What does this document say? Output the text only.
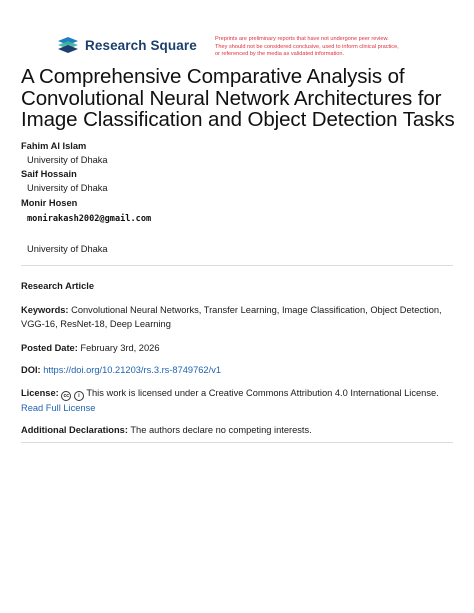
Research Square	Preprints are preliminary reports that have not undergone peer review.
They should not be considered conclusive, used to inform clinical practice,
or referenced by the media as validated information.
A Comprehensive Comparative Analysis of
Convolutional Neural Network Architectures for
Image Classification and Object Detection Tasks
Fahim Al Islam
University of Dhaka
Saif Hossain
University of Dhaka
Monir Hosen
monirakash2002@gmail.com
University of Dhaka
Research Article
Keywords: Convolutional Neural Networks, Transfer Learning, Image Classification, Object Detection, VGG-16, ResNet-18, Deep Learning
Posted Date: February 3rd, 2026
DOI: https://doi.org/10.21203/rs.3.rs-8749762/v1
License: cc i This work is licensed under a Creative Commons Attribution 4.0 International License.
Read Full License
Additional Declarations: The authors declare no competing interests.
